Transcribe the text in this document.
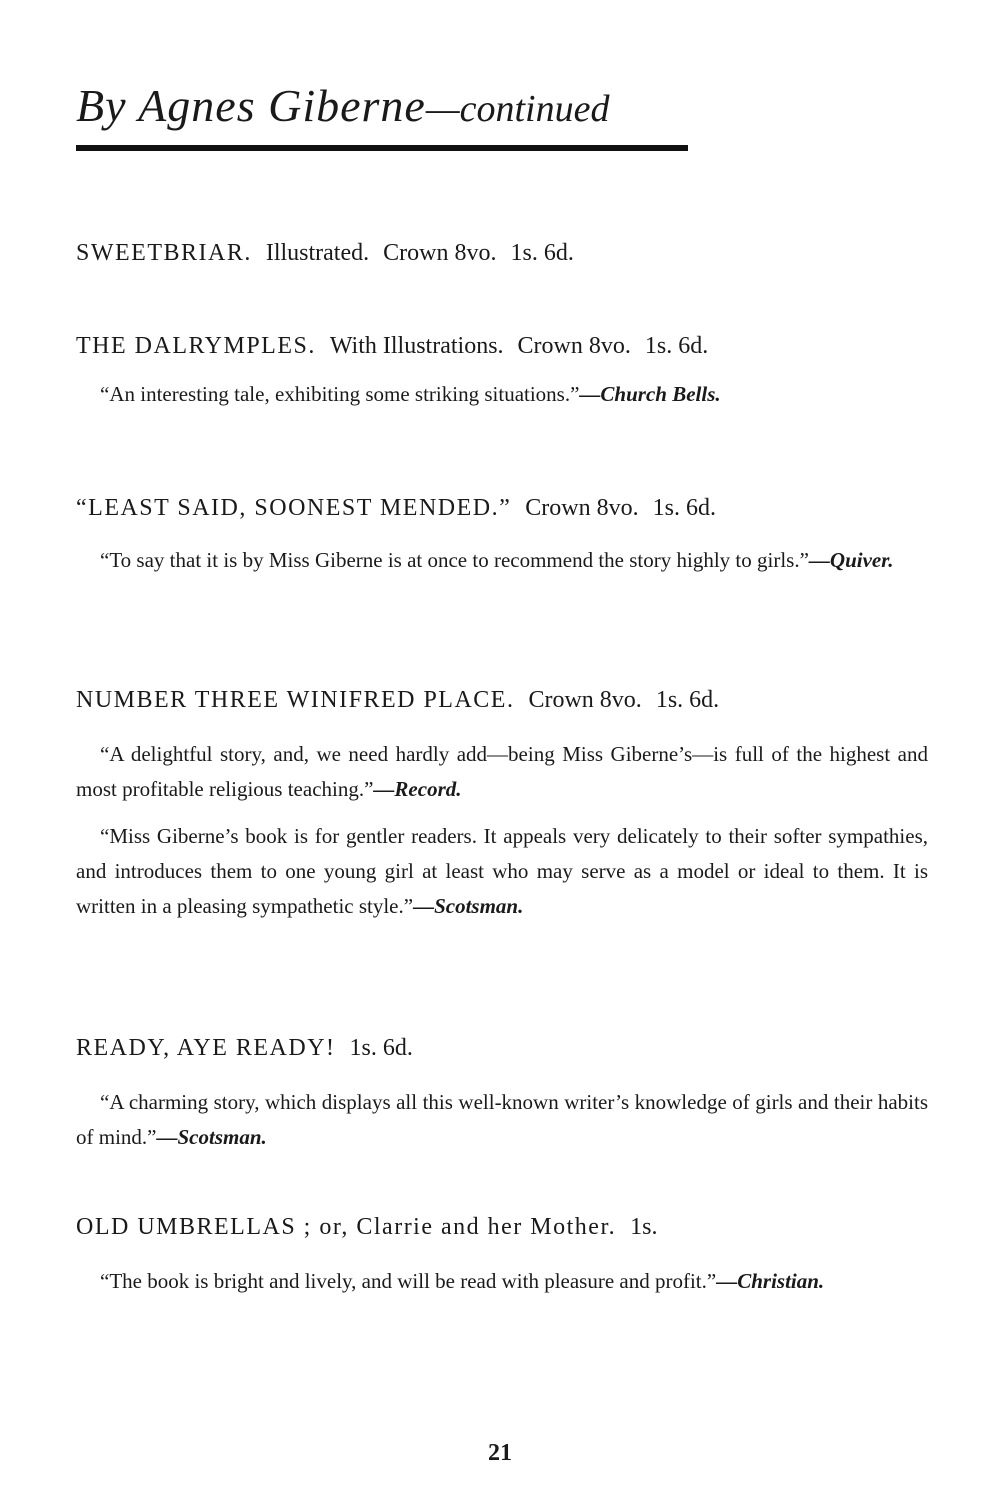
By Agnes Giberne—continued
SWEETBRIAR. Illustrated. Crown 8vo. 1s. 6d.
THE DALRYMPLES. With Illustrations. Crown 8vo. 1s. 6d.
“An interesting tale, exhibiting some striking situations.”—Church Bells.
“LEAST SAID, SOONEST MENDED.” Crown 8vo. 1s. 6d.
“To say that it is by Miss Giberne is at once to recommend the story highly to girls.”—Quiver.
NUMBER THREE WINIFRED PLACE. Crown 8vo. 1s. 6d.
“A delightful story, and, we need hardly add—being Miss Giberne’s—is full of the highest and most profitable religious teaching.”—Record.
“Miss Giberne’s book is for gentler readers. It appeals very delicately to their softer sympathies, and introduces them to one young girl at least who may serve as a model or ideal to them. It is written in a pleasing sympathetic style.”—Scotsman.
READY, AYE READY! 1s. 6d.
“A charming story, which displays all this well-known writer’s knowledge of girls and their habits of mind.”—Scotsman.
OLD UMBRELLAS ; or, Clarrie and her Mother. 1s.
“The book is bright and lively, and will be read with pleasure and profit.”—Christian.
21
